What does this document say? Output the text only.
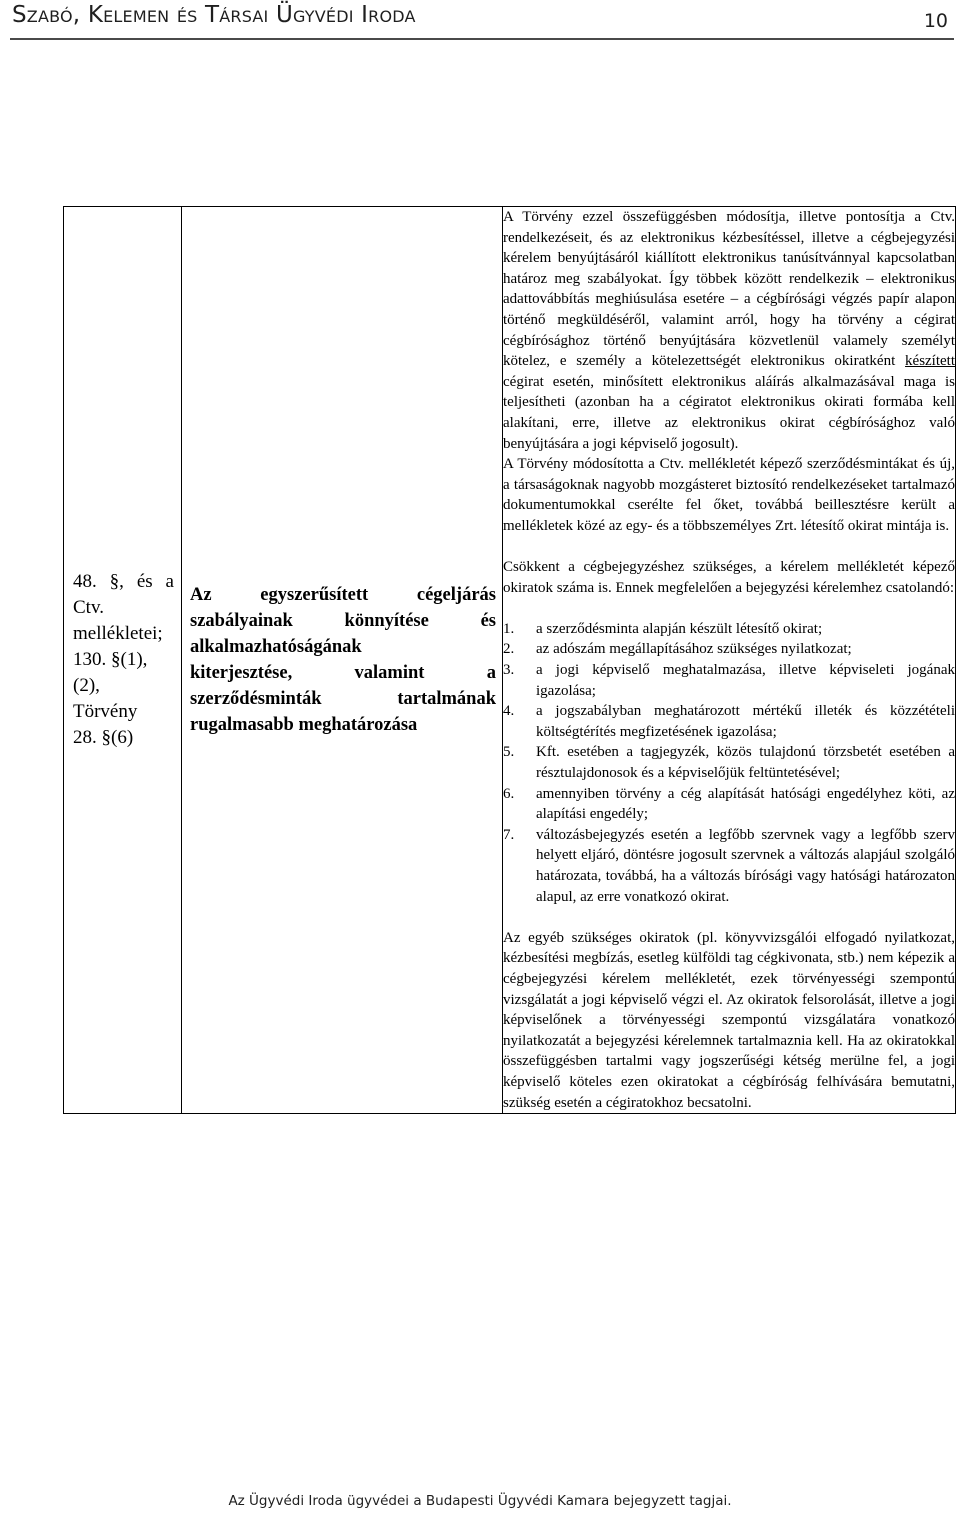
Szabó, Kelemen és Társai Ügyvédi Iroda	10
48. §, és a
Ctv.
mellékletei;
130. §(1),
(2),
Törvény
28. §(6)

Az egyszerűsített cégeljárás
szabályainak könnyítése és
alkalmazhatóságának
kiterjesztése, valamint a
szerződésminták tartalmának
rugalmasabb meghatározása

A Törvény ezzel összefüggésben módosítja, illetve pontosítja a Ctv. rendelkezéseit, és az elektronikus kézbesítéssel, illetve a cégbejegyzési kérelem benyújtásáról kiállított elektronikus tanúsítvánnyal kapcsolatban határoz meg szabályokat. Így többek között rendelkezik – elektronikus adattovábbítás meghiúsulása esetére – a cégbírósági végzés papír alapon történő megküldéséről, valamint arról, hogy ha törvény a cégirat cégbírósághoz történő benyújtására közvetlenül valamely személyt kötelez, e személy a kötelezettségét elektronikus okiratként készített cégirat esetén, minősített elektronikus aláírás alkalmazásával maga is teljesítheti (azonban ha a cégiratot elektronikus okirati formába kell alakítani, erre, illetve az elektronikus okirat cégbírósághoz való benyújtására a jogi képviselő jogosult).

A Törvény módosította a Ctv. mellékletét képező szerződésmintákat és új, a társaságoknak nagyobb mozgásteret biztosító rendelkezéseket tartalmazó dokumentumokkal cserélte fel őket, továbbá beillesztésre került a mellékletek közé az egy- és a többszemélyes Zrt. létesítő okirat mintája is.

Csökkent a cégbejegyzéshez szükséges, a kérelem mellékletét képező okiratok száma is. Ennek megfelelően a bejegyzési kérelemhez csatolandó:

1. a szerződésminta alapján készült létesítő okirat;
2. az adószám megállapításához szükséges nyilatkozat;
3. a jogi képviselő meghatalmazása, illetve képviseleti jogának igazolása;
4. a jogszabályban meghatározott mértékű illeték és közzétételi költségtérítés megfizetésének igazolása;
5. Kft. esetében a tagjegyzék, közös tulajdonú törzsbetét esetében a résztulajdonosok és a képviselőjük feltüntetésével;
6. amennyiben törvény a cég alapítását hatósági engedélyhez köti, az alapítási engedély;
7. változásbejegyzés esetén a legfőbb szervnek vagy a legfőbb szerv helyett eljáró, döntésre jogosult szervnek a változás alapjául szolgáló határozata, továbbá, ha a változás bírósági vagy hatósági határozaton alapul, az erre vonatkozó okirat.

Az egyéb szükséges okiratok (pl. könyvvizsgálói elfogadó nyilatkozat, kézbesítési megbízás, esetleg külföldi tag cégkivonata, stb.) nem képezik a cégbejegyzési kérelem mellékletét, ezek törvényességi szempontú vizsgálatát a jogi képviselő végzi el. Az okiratok felsorolását, illetve a jogi képviselőnek a törvényességi szempontú vizsgálatára vonatkozó nyilatkozatát a bejegyzési kérelemnek tartalmaznia kell. Ha az okiratokkal összefüggésben tartalmi vagy jogszerűségi kétség merülne fel, a jogi képviselő köteles ezen okiratokat a cégbíróság felhívására bemutatni, szükség esetén a cégiratokhoz becsatolni.

Az Ügyvédi Iroda ügyvédei a Budapesti Ügyvédi Kamara bejegyzett tagjai.
